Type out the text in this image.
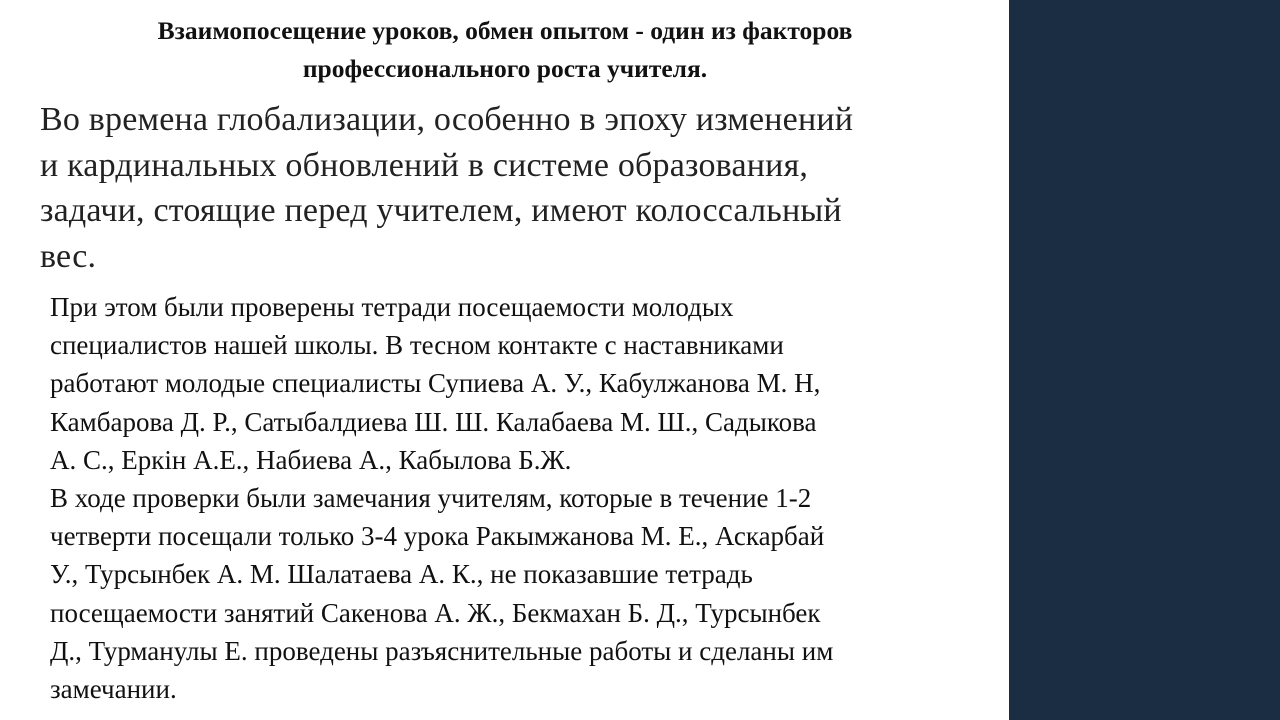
Взаимопосещение уроков, обмен опытом - один из факторов
профессионального роста учителя.
Во времена глобализации, особенно в эпоху изменений
и кардинальных обновлений в системе образования,
задачи, стоящие перед учителем, имеют колоссальный
вес.
При этом были проверены тетради посещаемости молодых
специалистов нашей школы. В тесном контакте с наставниками
работают молодые специалисты Супиева А. У., Кабулжанова М. Н,
Камбарова Д. Р., Сатыбалдиева Ш. Ш. Калабаева М. Ш., Садыкова
А. С., Еркін А.Е., Набиева А., Кабылова Б.Ж.
В ходе проверки были замечания учителям, которые в течение 1-2
четверти посещали только 3-4 урока Ракымжанова М. Е., Аскарбай
У., Турсынбек А. М. Шалатаева А. К., не показавшие тетрадь
посещаемости занятий Сакенова А. Ж., Бекмахан Б. Д., Турсынбек
Д., Турманулы Е. проведены разъяснительные работы и сделаны им
замечании.
